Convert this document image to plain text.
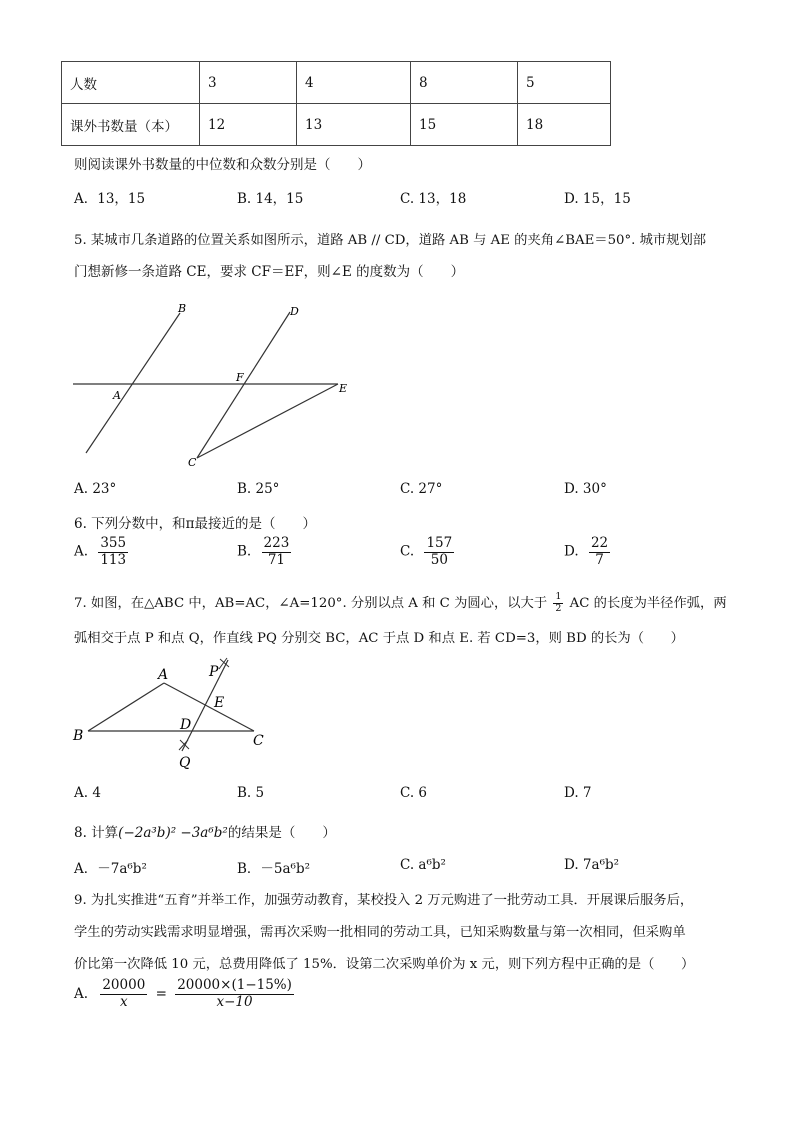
人数	3	4	8	5
课外书数量（本）	12	13	15	18
则阅读课外书数量的中位数和众数分别是（　　）
A．13，15	B. 14，15	C. 13，18	D. 15，15
5. 某城市几条道路的位置关系如图所示，道路 AB // CD，道路 AB 与 AE 的夹角∠BAE＝50°. 城市规划部
门想新修一条道路 CE，要求 CF＝EF，则∠E 的度数为（　　）
B	D
A
F
E
C
A. 23°	B. 25°	C. 27°	D. 30°
6. 下列分数中，和π最接近的是（　　）
A. $\frac{355}{113}$	B. $\frac{223}{71}$	C. $\frac{157}{50}$	D. $\frac{22}{7}$
7. 如图，在△ABC 中，AB=AC，∠A=120°. 分别以点 A 和 C 为圆心，以大于 $\frac{1}{2}$ AC 的长度为半径作弧，两
弧相交于点 P 和点 Q，作直线 PQ 分别交 BC，AC 于点 D 和点 E. 若 CD=3，则 BD 的长为（　　）
A	P
E
D
B	C
Q
A. 4	B. 5	C. 6	D. 7
8. 计算(−2a³b)² −3a⁶b²的结果是（　　）
A．－7a⁶b²	B．－5a⁶b²	C. a⁶b²	D. 7a⁶b²
9. 为扎实推进“五育”并举工作，加强劳动教育，某校投入 2 万元购进了一批劳动工具．开展课后服务后，
学生的劳动实践需求明显增强，需再次采购一批相同的劳动工具，已知采购数量与第一次相同，但采购单
价比第一次降低 10 元，总费用降低了 15%．设第二次采购单价为 x 元，则下列方程中正确的是（　　）
A. $\frac{20000}{x} = \frac{20000\times(1-15\%)}{x-10}$
